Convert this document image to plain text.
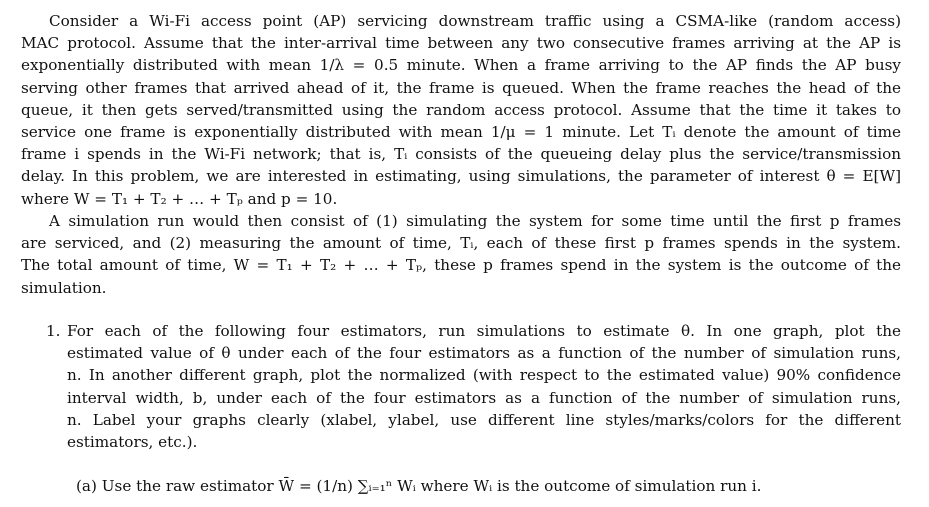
Consider a Wi-Fi access point (AP) servicing downstream traffic using a CSMA-like (random access)
MAC protocol. Assume that the inter-arrival time between any two consecutive frames arriving at the AP is
exponentially distributed with mean 1/λ = 0.5 minute. When a frame arriving to the AP finds the AP busy
serving other frames that arrived ahead of it, the frame is queued. When the frame reaches the head of the
queue, it then gets served/transmitted using the random access protocol. Assume that the time it takes to
service one frame is exponentially distributed with mean 1/μ = 1 minute. Let Tᵢ denote the amount of time
frame i spends in the Wi-Fi network; that is, Tᵢ consists of the queueing delay plus the service/transmission
delay. In this problem, we are interested in estimating, using simulations, the parameter of interest θ = E[W]
where W = T₁ + T₂ + … + Tₚ and p = 10.
A simulation run would then consist of (1) simulating the system for some time until the first p frames
are serviced, and (2) measuring the amount of time, Tᵢ, each of these first p frames spends in the system.
The total amount of time, W = T₁ + T₂ + … + Tₚ, these p frames spend in the system is the outcome of the
simulation.
1. For each of the following four estimators, run simulations to estimate θ. In one graph, plot the
estimated value of θ under each of the four estimators as a function of the number of simulation runs,
n. In another different graph, plot the normalized (with respect to the estimated value) 90% confidence
interval width, b, under each of the four estimators as a function of the number of simulation runs,
n. Label your graphs clearly (xlabel, ylabel, use different line styles/marks/colors for the different
estimators, etc.).
(a) Use the raw estimator W̄ = (1/n) ∑ᵢ₌₁ⁿ Wᵢ where Wᵢ is the outcome of simulation run i.
